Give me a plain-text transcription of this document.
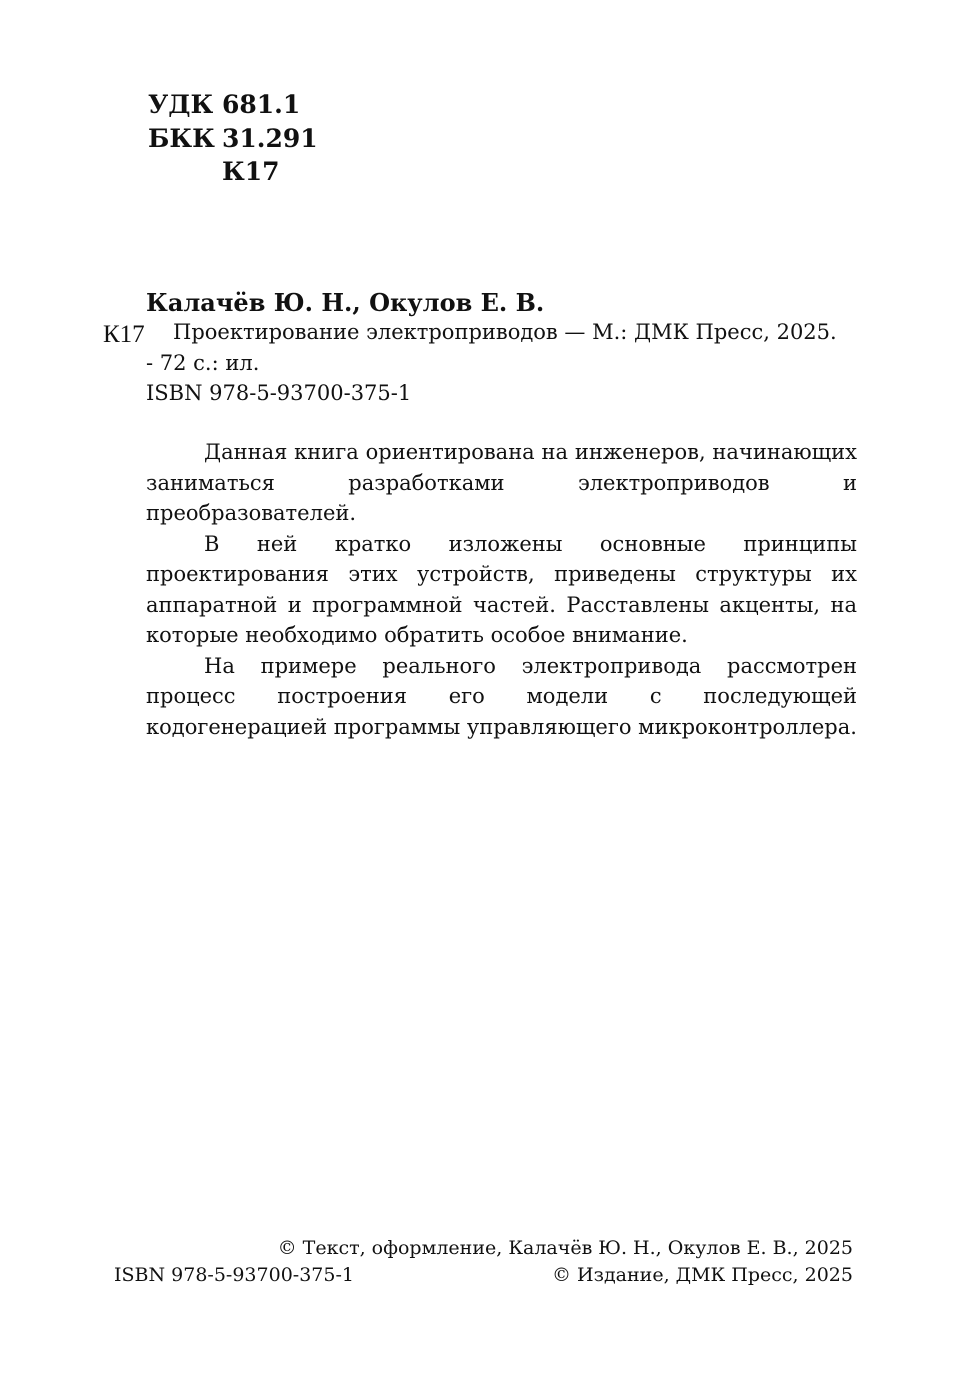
УДК 681.1
БКК 31.291
К17
Калачёв Ю. Н., Окулов Е. В.
К17 Проектирование электроприводов — М.: ДМК Пресс, 2025.
- 72 с.: ил.
ISBN 978-5-93700-375-1

Данная книга ориентирована на инженеров, начинающих заниматься разработками электроприводов и преобразователей.

В ней кратко изложены основные принципы проектирования этих устройств, приведены структуры их аппаратной и программной частей. Расставлены акценты, на которые необходимо обратить особое внимание.

На примере реального электропривода рассмотрен процесс построения его модели с последующей кодогенерацией программы управляющего микроконтроллера.

ISBN 978-5-93700-375-1
© Текст, оформление, Калачёв Ю. Н., Окулов Е. В., 2025
© Издание, ДМК Пресс, 2025
